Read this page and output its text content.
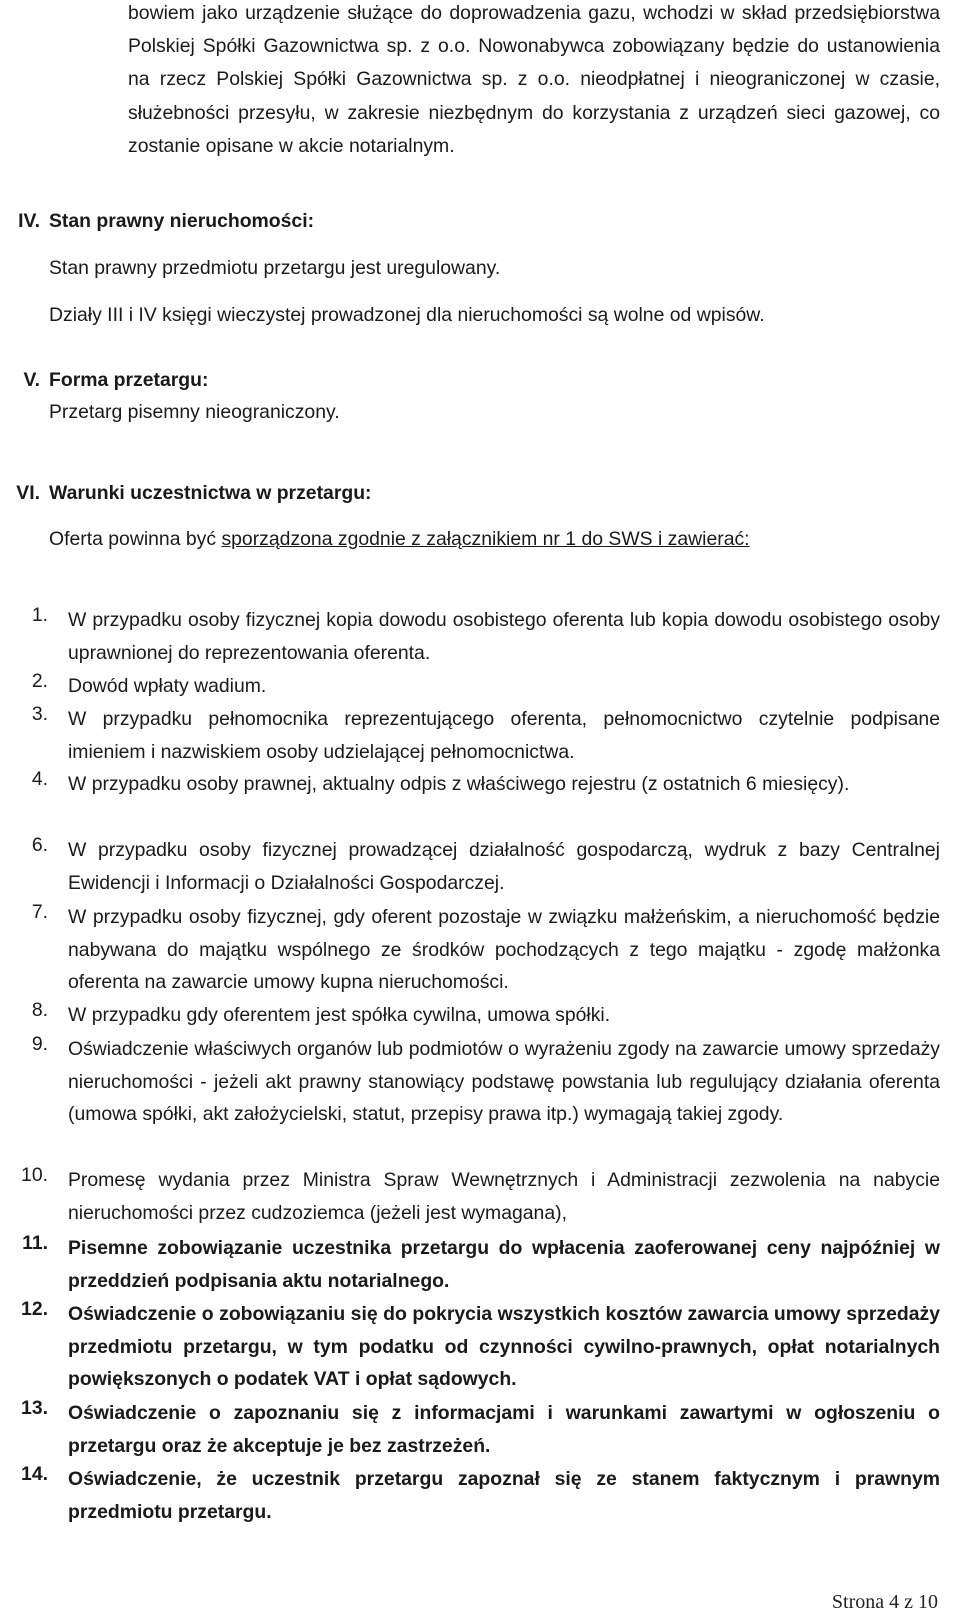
bowiem jako urządzenie służące do doprowadzenia gazu, wchodzi w skład przedsiębiorstwa Polskiej Spółki Gazownictwa sp. z o.o. Nowonabywca zobowiązany będzie do ustanowienia na rzecz Polskiej Spółki Gazownictwa sp. z o.o. nieodpłatnej i nieograniczonej w czasie, służebności przesyłu, w zakresie niezbędnym do korzystania z urządzeń sieci gazowej, co zostanie opisane w akcie notarialnym.

IV. Stan prawny nieruchomości:

Stan prawny przedmiotu przetargu jest uregulowany.

Działy III i IV księgi wieczystej prowadzonej dla nieruchomości są wolne od wpisów.

V. Forma przetargu:

Przetarg pisemny nieograniczony.

VI. Warunki uczestnictwa w przetargu:

Oferta powinna być sporządzona zgodnie z załącznikiem nr 1 do SWS i zawierać:

1. W przypadku osoby fizycznej kopia dowodu osobistego oferenta lub kopia dowodu osobistego osoby uprawnionej do reprezentowania oferenta.

2. Dowód wpłaty wadium.

3. W przypadku pełnomocnika reprezentującego oferenta, pełnomocnictwo czytelnie podpisane imieniem i nazwiskiem osoby udzielającej pełnomocnictwa.

4. W przypadku osoby prawnej, aktualny odpis z właściwego rejestru (z ostatnich 6 miesięcy).

6. W przypadku osoby fizycznej prowadzącej działalność gospodarczą, wydruk z bazy Centralnej Ewidencji i Informacji o Działalności Gospodarczej.

7. W przypadku osoby fizycznej, gdy oferent pozostaje w związku małżeńskim, a nieruchomość będzie nabywana do majątku wspólnego ze środków pochodzących z tego majątku - zgodę małżonka oferenta na zawarcie umowy kupna nieruchomości.

8. W przypadku gdy oferentem jest spółka cywilna, umowa spółki.

9. Oświadczenie właściwych organów lub podmiotów o wyrażeniu zgody na zawarcie umowy sprzedaży nieruchomości - jeżeli akt prawny stanowiący podstawę powstania lub regulujący działania oferenta (umowa spółki, akt założycielski, statut, przepisy prawa itp.) wymagają takiej zgody.

10. Promesę wydania przez Ministra Spraw Wewnętrznych i Administracji zezwolenia na nabycie nieruchomości przez cudzoziemca (jeżeli jest wymagana),

11. Pisemne zobowiązanie uczestnika przetargu do wpłacenia zaoferowanej ceny najpóźniej w przeddzień podpisania aktu notarialnego.

12. Oświadczenie o zobowiązaniu się do pokrycia wszystkich kosztów zawarcia umowy sprzedaży przedmiotu przetargu, w tym podatku od czynności cywilno-prawnych, opłat notarialnych powiększonych o podatek VAT i opłat sądowych.

13. Oświadczenie o zapoznaniu się z informacjami i warunkami zawartymi w ogłoszeniu o przetargu oraz że akceptuje je bez zastrzeżeń.

14. Oświadczenie, że uczestnik przetargu zapoznał się ze stanem faktycznym i prawnym przedmiotu przetargu.

Strona 4 z 10
